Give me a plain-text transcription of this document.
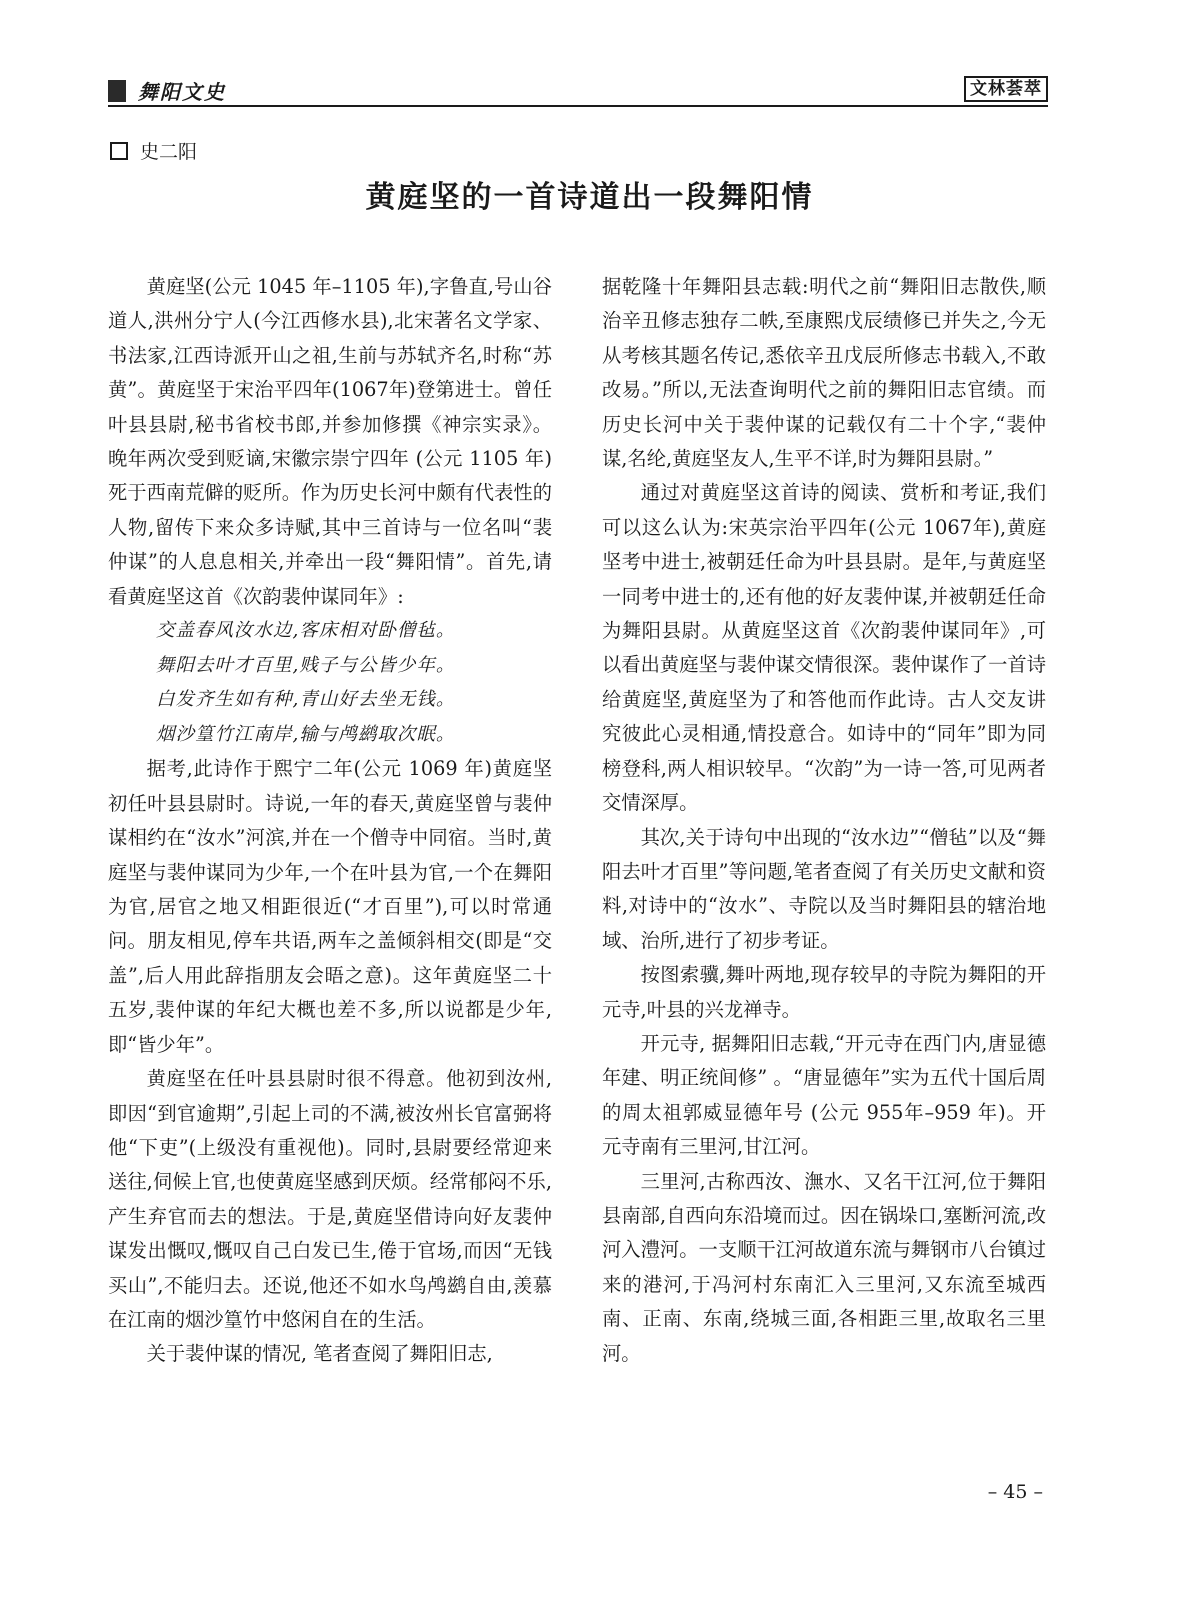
舞阳文史	文林荟萃
史二阳
黄庭坚的一首诗道出一段舞阳情

黄庭坚(公元 1045 年–1105 年),字鲁直,号山谷道人,洪州分宁人(今江西修水县),北宋著名文学家、书法家,江西诗派开山之祖,生前与苏轼齐名,时称“苏黄”。黄庭坚于宋治平四年(1067年)登第进士。曾任叶县县尉,秘书省校书郎,并参加修撰《神宗实录》。晚年两次受到贬谪,宋徽宗崇宁四年 (公元 1105 年) 死于西南荒僻的贬所。作为历史长河中颇有代表性的人物,留传下来众多诗赋,其中三首诗与一位名叫“裴仲谋”的人息息相关,并牵出一段“舞阳情”。首先,请看黄庭坚这首《次韵裴仲谋同年》:

交盖春风汝水边,客床相对卧僧毡。

舞阳去叶才百里,贱子与公皆少年。

白发齐生如有种,青山好去坐无钱。

烟沙篁竹江南岸,输与鸬鹚取次眠。

据考,此诗作于熙宁二年(公元 1069 年)黄庭坚初任叶县县尉时。诗说,一年的春天,黄庭坚曾与裴仲谋相约在“汝水”河滨,并在一个僧寺中同宿。当时,黄庭坚与裴仲谋同为少年,一个在叶县为官,一个在舞阳为官,居官之地又相距很近(“才百里”),可以时常通问。朋友相见,停车共语,两车之盖倾斜相交(即是“交盖”,后人用此辞指朋友会晤之意)。这年黄庭坚二十五岁,裴仲谋的年纪大概也差不多,所以说都是少年,即“皆少年”。

黄庭坚在任叶县县尉时很不得意。他初到汝州,即因“到官逾期”,引起上司的不满,被汝州长官富弼将他“下吏”(上级没有重视他)。同时,县尉要经常迎来送往,伺候上官,也使黄庭坚感到厌烦。经常郁闷不乐,产生弃官而去的想法。于是,黄庭坚借诗向好友裴仲谋发出慨叹,慨叹自己白发已生,倦于官场,而因“无钱买山”,不能归去。还说,他还不如水鸟鸬鹚自由,羡慕在江南的烟沙篁竹中悠闲自在的生活。

关于裴仲谋的情况, 笔者查阅了舞阳旧志,

据乾隆十年舞阳县志载:明代之前“舞阳旧志散佚,顺治辛丑修志独存二帙,至康熙戊辰绩修已并失之,今无从考核其题名传记,悉依辛丑戊辰所修志书载入,不敢改易。”所以,无法查询明代之前的舞阳旧志官绩。而历史长河中关于裴仲谋的记载仅有二十个字,“裴仲谋,名纶,黄庭坚友人,生平不详,时为舞阳县尉。”

通过对黄庭坚这首诗的阅读、赏析和考证,我们可以这么认为:宋英宗治平四年(公元 1067年),黄庭坚考中进士,被朝廷任命为叶县县尉。是年,与黄庭坚一同考中进士的,还有他的好友裴仲谋,并被朝廷任命为舞阳县尉。从黄庭坚这首《次韵裴仲谋同年》,可以看出黄庭坚与裴仲谋交情很深。裴仲谋作了一首诗给黄庭坚,黄庭坚为了和答他而作此诗。古人交友讲究彼此心灵相通,情投意合。如诗中的“同年”即为同榜登科,两人相识较早。“次韵”为一诗一答,可见两者交情深厚。

其次,关于诗句中出现的“汝水边”“僧毡”以及“舞阳去叶才百里”等问题,笔者查阅了有关历史文献和资料,对诗中的“汝水”、寺院以及当时舞阳县的辖治地域、治所,进行了初步考证。

按图索骥,舞叶两地,现存较早的寺院为舞阳的开元寺,叶县的兴龙禅寺。

开元寺, 据舞阳旧志载,“开元寺在西门内,唐显德年建、明正统间修” 。“唐显德年”实为五代十国后周的周太祖郭威显德年号 (公元 955年–959 年)。开元寺南有三里河,甘江河。

三里河,古称西汝、潕水、又名干江河,位于舞阳县南部,自西向东沿境而过。因在锅垛口,塞断河流,改河入澧河。一支顺干江河故道东流与舞钢市八台镇过来的港河,于冯河村东南汇入三里河,又东流至城西南、正南、东南,绕城三面,各相距三里,故取名三里河。

– 45 –
